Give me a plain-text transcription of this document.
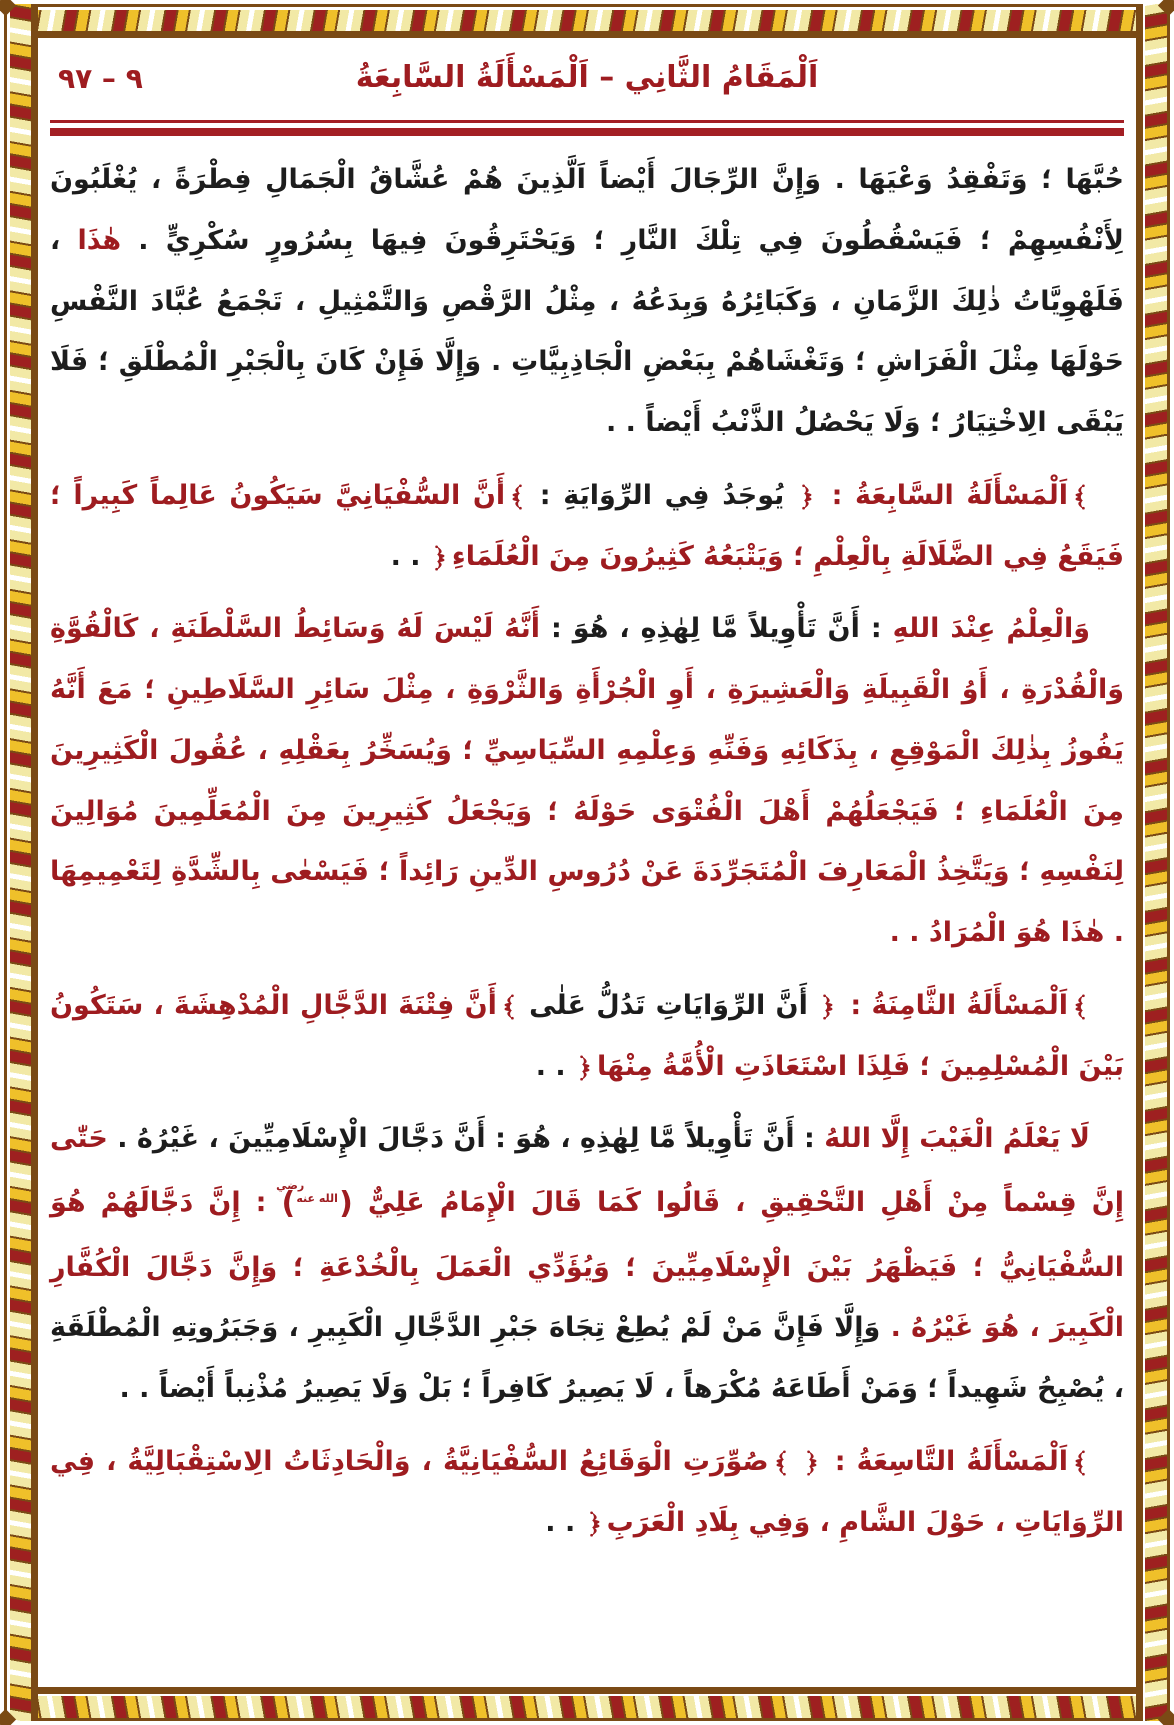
٩ – ٩٧	اَلْمَقَامُ الثَّانِي – اَلْمَسْأَلَةُ السَّابِعَةُ

حُبَّهَا ؛ وَتَفْقِدُ وَعْيَهَا . وَإِنَّ الرِّجَالَ أَيْضاً اَلَّذِينَ هُمْ عُشَّاقُ الْجَمَالِ فِطْرَةً ، يُغْلَبُونَ لِأَنْفُسِهِمْ ؛ فَيَسْقُطُونَ فِي تِلْكَ النَّارِ ؛ وَيَحْتَرِقُونَ فِيهَا بِسُرُورٍ سُكْرِيٍّ . هٰذَا ، فَلَهْوِيَّاتُ ذٰلِكَ الزَّمَانِ ، وَكَبَائِرُهُ وَبِدَعُهُ ، مِثْلُ الرَّقْصِ وَالتَّمْثِيلِ ، تَجْمَعُ عُبَّادَ النَّفْسِ حَوْلَهَا مِثْلَ الْفَرَاشِ ؛ وَتَغْشَاهُمْ بِبَعْضِ الْجَاذِبِيَّاتِ . وَإِلَّا فَإِنْ كَانَ بِالْجَبْرِ الْمُطْلَقِ ؛ فَلَا يَبْقَى الِاخْتِيَارُ ؛ وَلَا يَحْصُلُ الذَّنْبُ أَيْضاً . .

اَلْمَسْأَلَةُ السَّابِعَةُ :  يُوجَدُ فِي الرِّوَايَةِ : أَنَّ السُّفْيَانِيَّ سَيَكُونُ عَالِماً كَبِيراً ؛ فَيَقَعُ فِي الضَّلَالَةِ بِالْعِلْمِ ؛ وَيَتْبَعُهُ كَثِيرُونَ مِنَ الْعُلَمَاءِ . .

وَالْعِلْمُ عِنْدَ اللهِ : أَنَّ تَأْوِيلاً مَّا لِهٰذِهِ ، هُوَ : أَنَّهُ لَيْسَ لَهُ وَسَائِطُ السَّلْطَنَةِ ، كَالْقُوَّةِ وَالْقُدْرَةِ ، أَوُ الْقَبِيلَةِ وَالْعَشِيرَةِ ، أَوِ الْجُرْأَةِ وَالثَّرْوَةِ ، مِثْلَ سَائِرِ السَّلَاطِينِ ؛ مَعَ أَنَّهُ يَفُوزُ بِذٰلِكَ الْمَوْقِعِ ، بِذَكَائِهِ وَفَنِّهِ وَعِلْمِهِ السِّيَاسِيِّ ؛ وَيُسَخِّرُ بِعَقْلِهِ ، عُقُولَ الْكَثِيرِينَ مِنَ الْعُلَمَاءِ ؛ فَيَجْعَلُهُمْ أَهْلَ الْفُتْوَى حَوْلَهُ ؛ وَيَجْعَلُ كَثِيرِينَ مِنَ الْمُعَلِّمِينَ مُوَالِينَ لِنَفْسِهِ ؛ وَيَتَّخِذُ الْمَعَارِفَ الْمُتَجَرِّدَةَ عَنْ دُرُوسِ الدِّينِ رَائِداً ؛ فَيَسْعٰى بِالشِّدَّةِ لِتَعْمِيمِهَا . هٰذَا هُوَ الْمُرَادُ . .

اَلْمَسْأَلَةُ الثَّامِنَةُ :  أَنَّ الرِّوَايَاتِ تَدُلُّ عَلٰى أَنَّ فِتْنَةَ الدَّجَّالِ الْمُدْهِشَةَ ، سَتَكُونُ بَيْنَ الْمُسْلِمِينَ ؛ فَلِذَا اسْتَعَاذَتِ الْأُمَّةُ مِنْهَا . .

لَا يَعْلَمُ الْغَيْبَ إِلَّا اللهُ : أَنَّ تَأْوِيلاً مَّا لِهٰذِهِ ، هُوَ : أَنَّ دَجَّالَ الْإِسْلَامِيِّينَ ، غَيْرُهُ . حَتّٰى إِنَّ قِسْماً مِنْ أَهْلِ التَّحْقِيقِ ، قَالُوا كَمَا قَالَ الْإِمَامُ عَلِيٌّ (رضي الله عنه) : إِنَّ دَجَّالَهُمْ هُوَ السُّفْيَانِيُّ ؛ فَيَظْهَرُ بَيْنَ الْإِسْلَامِيِّينَ ؛ وَيُؤَدِّي الْعَمَلَ بِالْخُدْعَةِ ؛ وَإِنَّ دَجَّالَ الْكُفَّارِ الْكَبِيرَ ، هُوَ غَيْرُهُ . وَإِلَّا فَإِنَّ مَنْ لَمْ يُطِعْ تِجَاهَ جَبْرِ الدَّجَّالِ الْكَبِيرِ ، وَجَبَرُوتِهِ الْمُطْلَقَةِ ، يُصْبِحُ شَهِيداً ؛ وَمَنْ أَطَاعَهُ مُكْرَهاً ، لَا يَصِيرُ كَافِراً ؛ بَلْ وَلَا يَصِيرُ مُذْنِباً أَيْضاً . .

اَلْمَسْأَلَةُ التَّاسِعَةُ :  صُوِّرَتِ الْوَقَائِعُ السُّفْيَانِيَّةُ ، وَالْحَادِثَاتُ الِاسْتِقْبَالِيَّةُ ، فِي الرِّوَايَاتِ ، حَوْلَ الشَّامِ ، وَفِي بِلَادِ الْعَرَبِ . .
